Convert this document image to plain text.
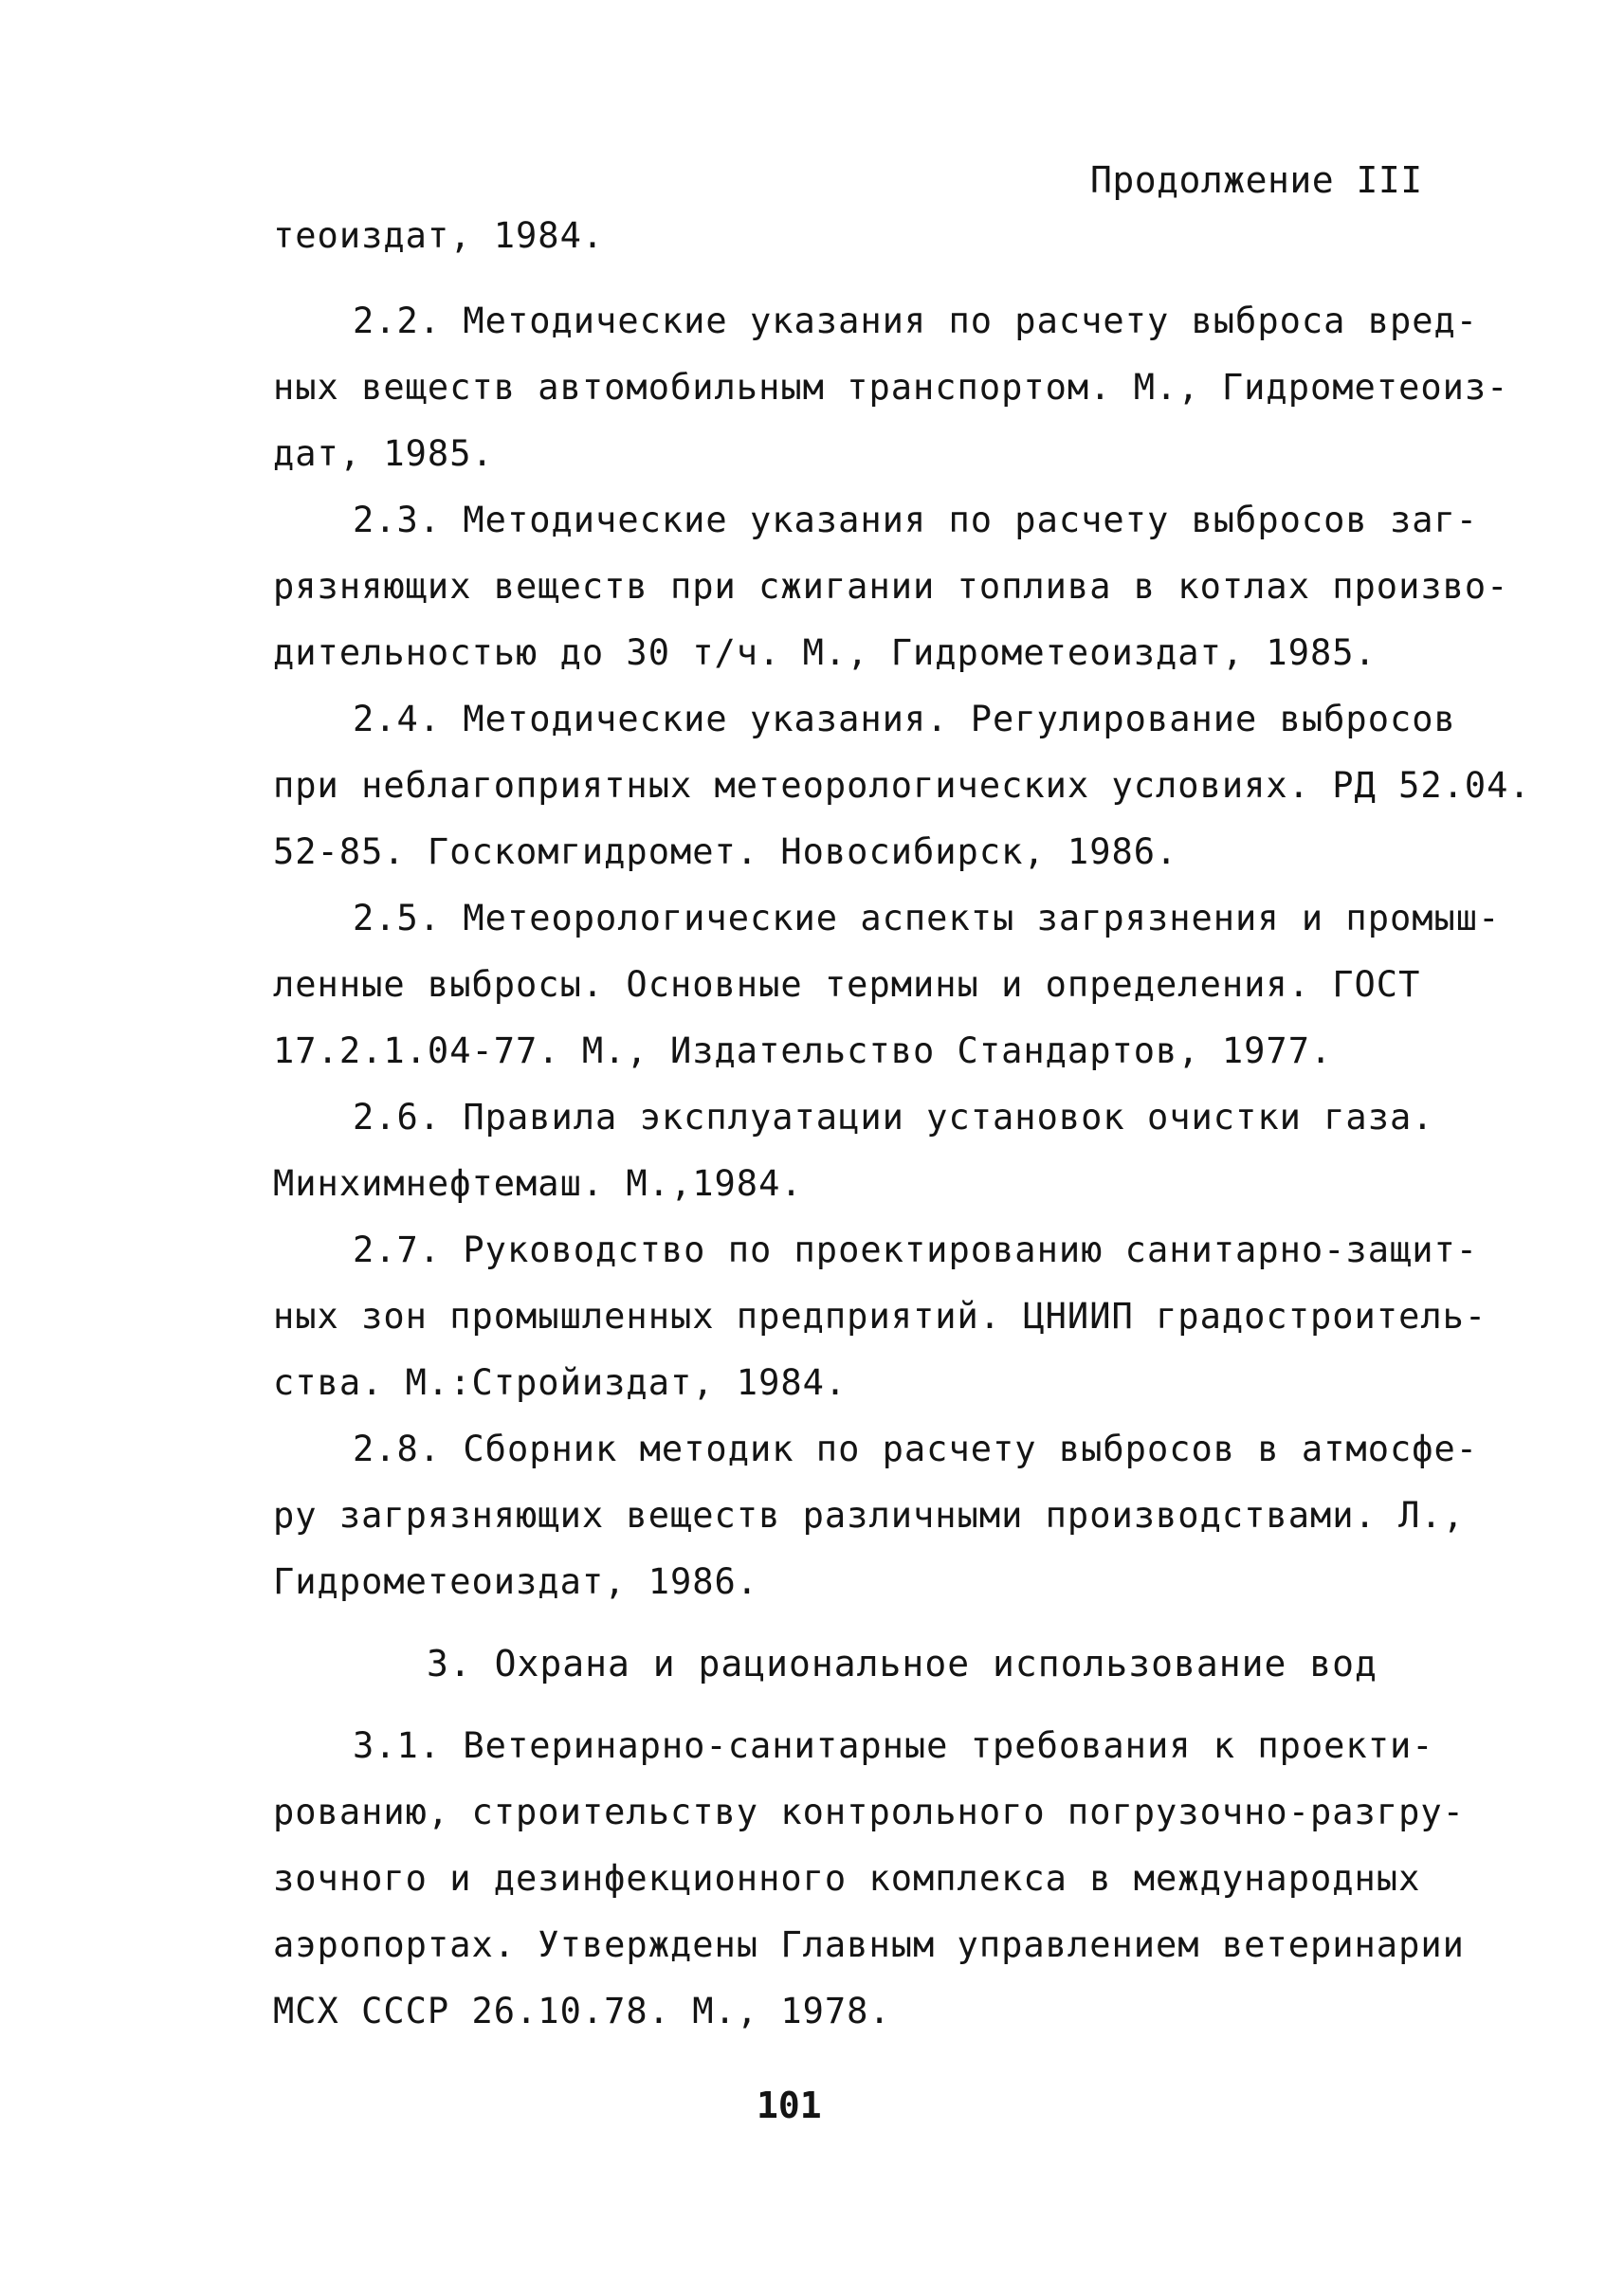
Продолжение III
теоиздат, 1984.
2.2. Методические указания по расчету выброса вред-
ных веществ автомобильным транспортом. М., Гидрометеоиз-
дат, 1985.
2.3. Методические указания по расчету выбросов заг-
рязняющих веществ при сжигании топлива в котлах произво-
дительностью до 30 т/ч. М., Гидрометеоиздат, 1985.
2.4. Методические указания. Регулирование выбросов
при неблагоприятных метеорологических условиях. РД 52.04.
52-85. Госкомгидромет. Новосибирск, 1986.
2.5. Метеорологические аспекты загрязнения и промыш-
ленные выбросы. Основные термины и определения. ГОСТ
17.2.1.04-77. М., Издательство Стандартов, 1977.
2.6. Правила эксплуатации установок очистки газа.
Минхимнефтемаш. М.,1984.
2.7. Руководство по проектированию санитарно-защит-
ных зон промышленных предприятий. ЦНИИП градостроитель-
ства. М.:Стройиздат, 1984.
2.8. Сборник методик по расчету выбросов в атмосфе-
ру загрязняющих веществ различными производствами. Л.,
Гидрометеоиздат, 1986.
3. Охрана и рациональное использование вод
3.1. Ветеринарно-санитарные требования к проекти-
рованию, строительству контрольного погрузочно-разгру-
зочного и дезинфекционного комплекса в международных
аэропортах. Утверждены Главным управлением ветеринарии
МСХ СССР 26.10.78. М., 1978.
101
